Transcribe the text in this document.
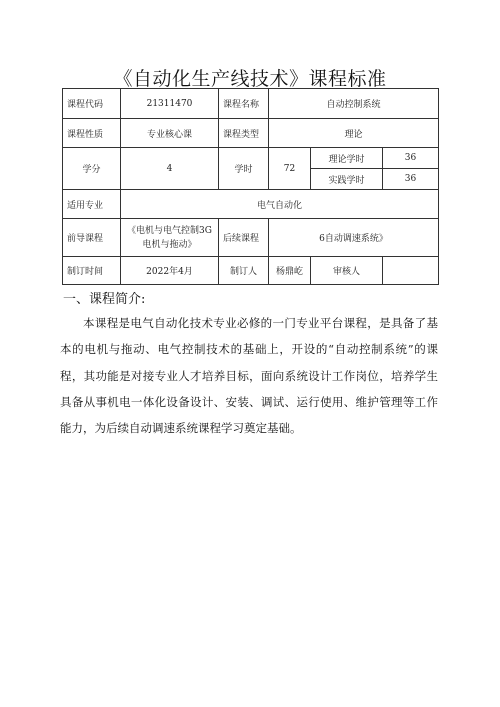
《自动化生产线技术》课程标准
课程代码	21311470	课程名称	自动控制系统		
课程性质	专业核心课	课程类型	理论		
学分	4	学时	72	理论学时	36
				实践学时	36
适用专业	电气自动化				
前导课程	《电机与电气控制3G电机与拖动》	后续课程	6自动调速系统》		
制订时间	2022年4月	制订人	杨鼎屹	审核人	
一、课程简介:
本课程是电气自动化技术专业必修的一门专业平台课程，是具备了基本的电机与拖动、电气控制技术的基础上，开设的“自动控制系统”的课程，其功能是对接专业人才培养目标，面向系统设计工作岗位，培养学生具备从事机电一体化设备设计、安装、调试、运行使用、维护管理等工作能力，为后续自动调速系统课程学习奠定基础。
